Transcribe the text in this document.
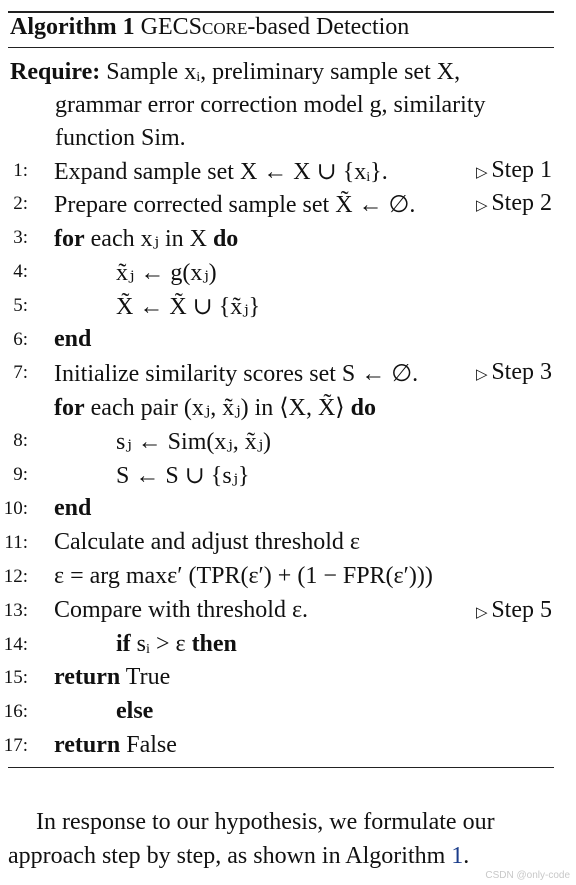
Algorithm 1 GECScore-based Detection
Require: Sample xᵢ, preliminary sample set X,
grammar error correction model g, similarity
function Sim.
1: Expand sample set X ← X ∪ {xᵢ}.	▷ Step 1
2: Prepare corrected sample set X̃ ← ∅.	▷ Step 2
3: for each xⱼ in X do
4:	x̃ⱼ ← g(xⱼ)
5:	X̃ ← X̃ ∪ {x̃ⱼ}
6: end
7: Initialize similarity scores set S ← ∅.	▷ Step 3
for each pair (xⱼ, x̃ⱼ) in ⟨X, X̃⟩ do
8:	sⱼ ← Sim(xⱼ, x̃ⱼ)
9:	S ← S ∪ {sⱼ}
10: end
11: Calculate and adjust threshold ε
12: ε = arg maxε′ (TPR(ε′) + (1 − FPR(ε′)))
13: Compare with threshold ε.	▷ Step 5
14:	if sᵢ > ε then
15: return True
16:	else
17: return False
In response to our hypothesis, we formulate our
approach step by step, as shown in Algorithm 1.
CSDN @only-code
